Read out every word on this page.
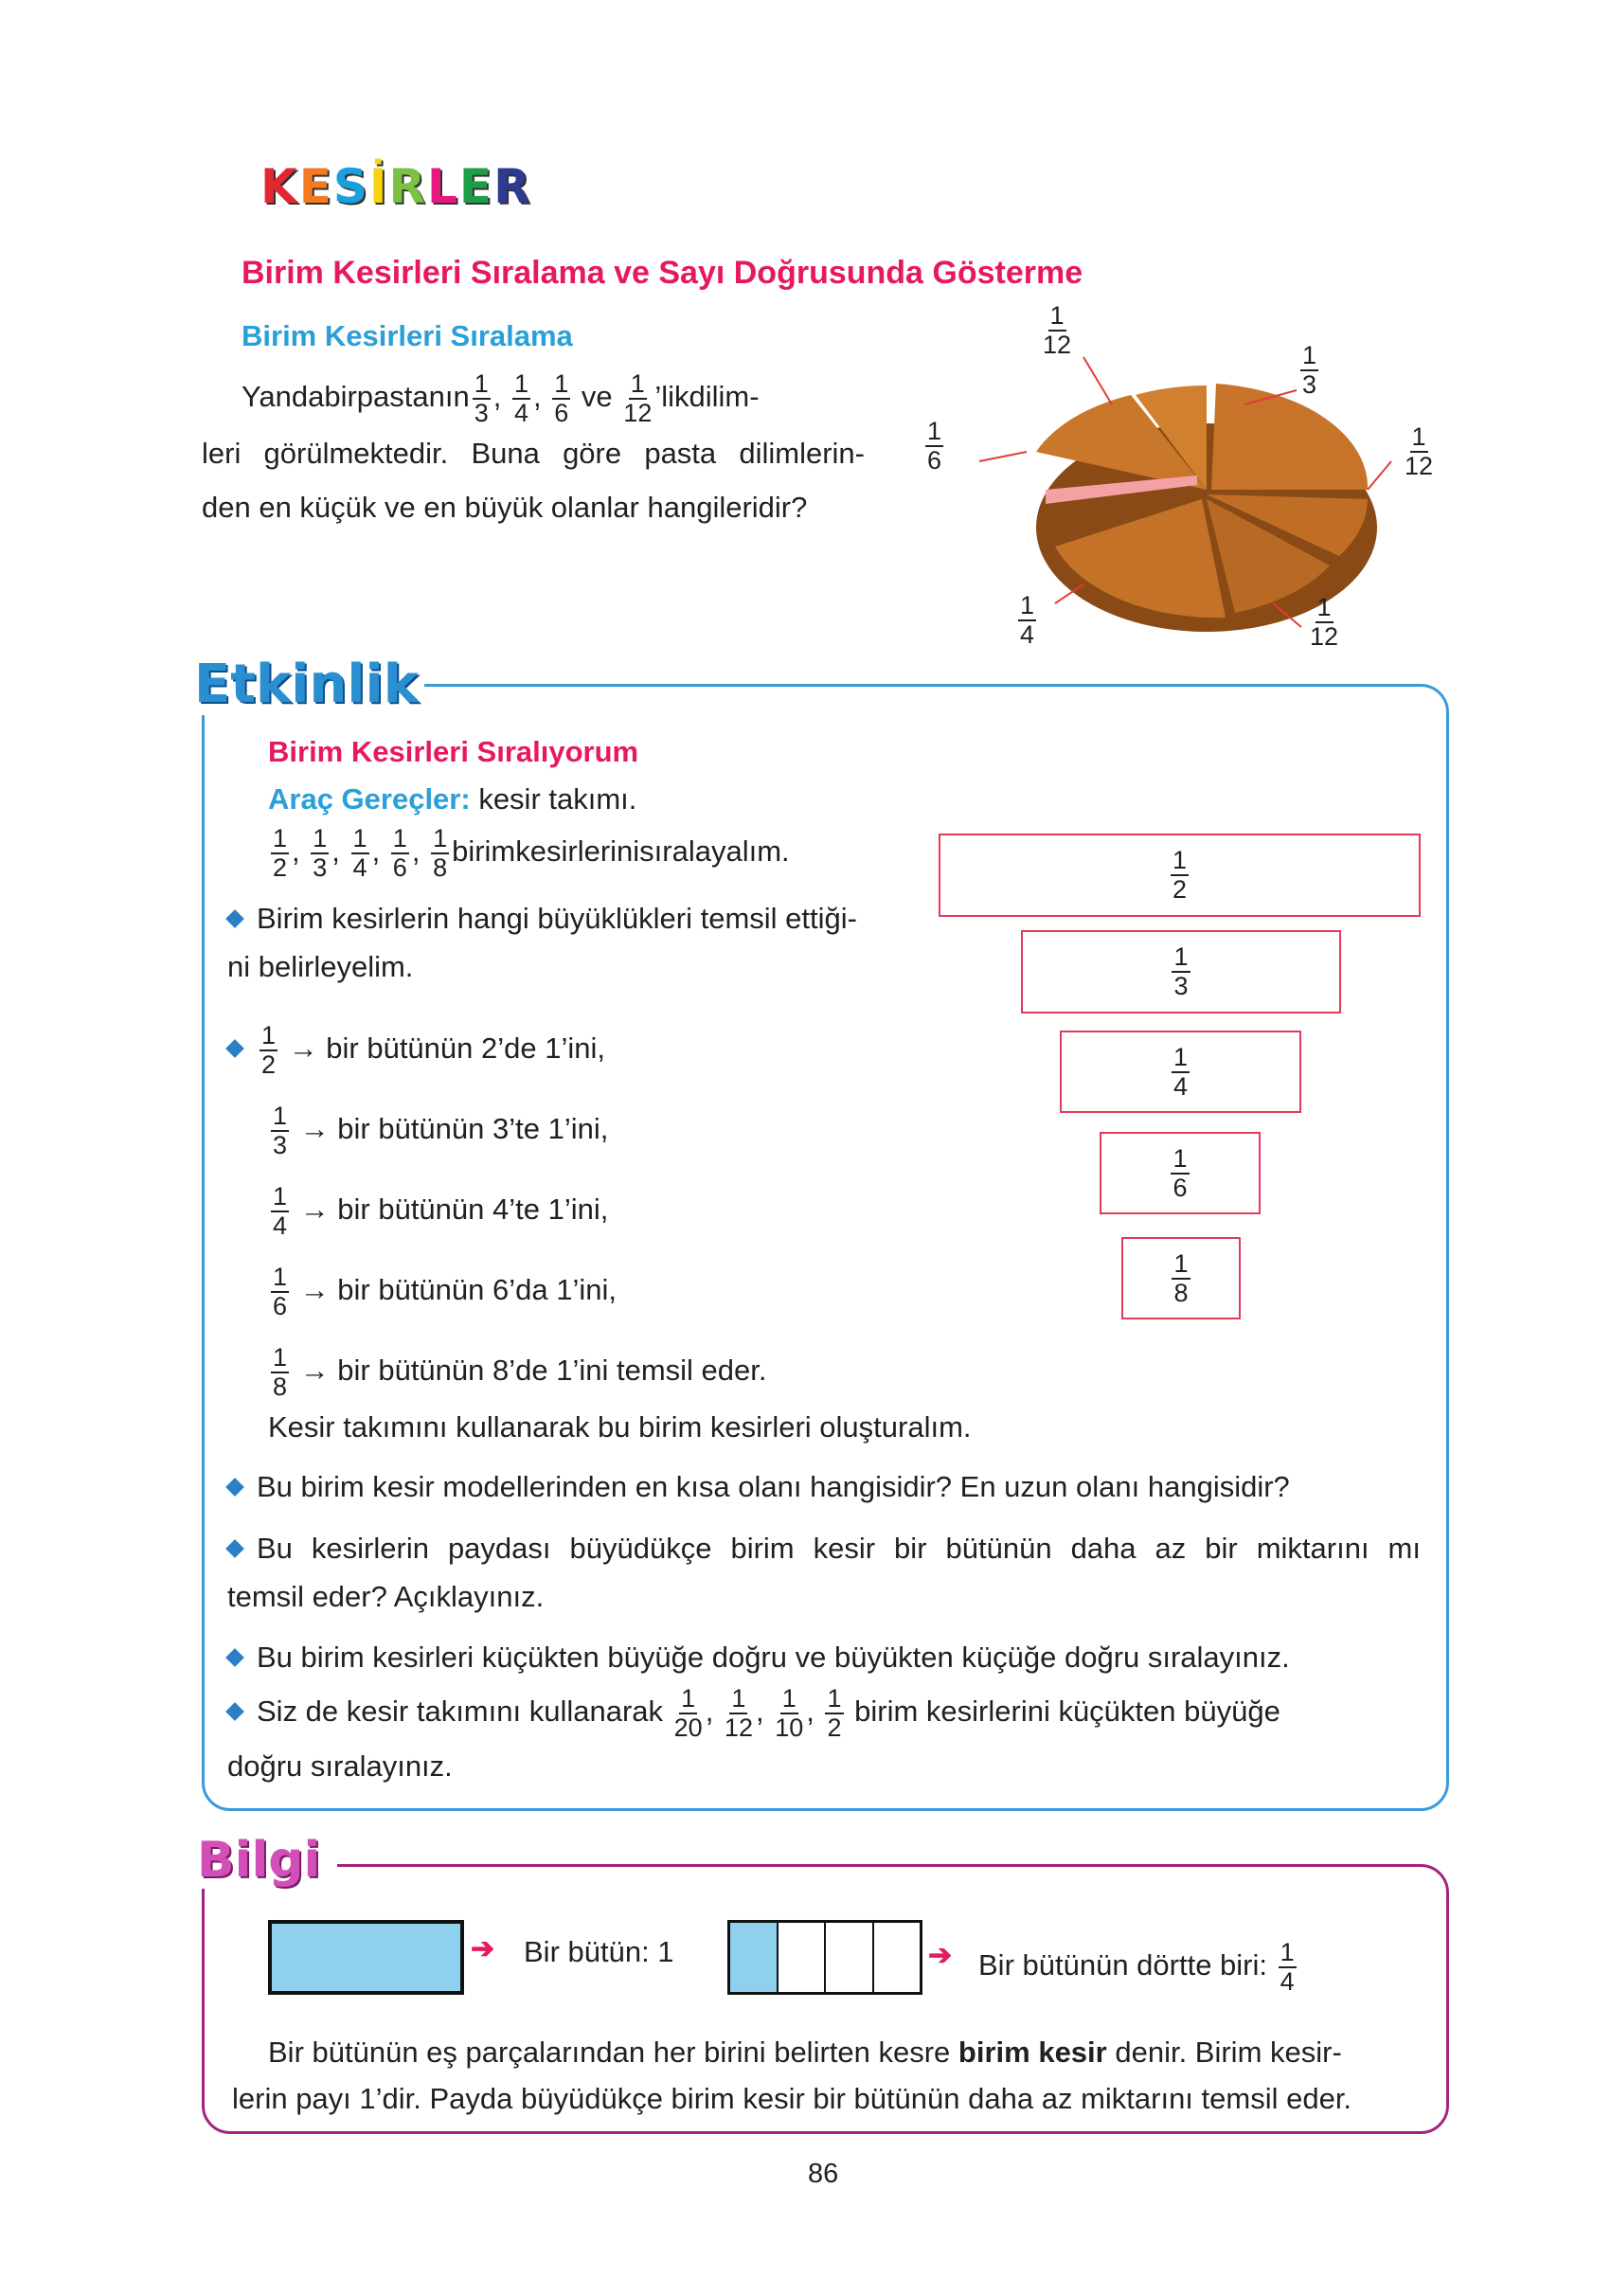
KESİRLER
Birim Kesirleri Sıralama ve Sayı Doğrusunda Gösterme
Birim Kesirleri Sıralama
Yandabirpastanın $\frac{1}{3}$ , $\frac{1}{4}$ , $\frac{1}{6}$ ve $\frac{1}{12}$ ’likdilim-
leri görülmektedir. Buna göre pasta dilimlerin-
den en küçük ve en büyük olanlar hangileridir?
$\frac{1}{12}$
$\frac{1}{3}$
$\frac{1}{6}$	$\frac{1}{12}$
$\frac{1}{4}$	$\frac{1}{12}$
Etkinlik
Birim Kesirleri Sıralıyorum
Araç Gereçler: kesir takımı.
$\frac{1}{2}$ , $\frac{1}{3}$ , $\frac{1}{4}$ , $\frac{1}{6}$ , $\frac{1}{8}$ birimkesirlerinisıralayalım.
Birim kesirlerin hangi büyüklükleri temsil ettiği-
ni belirleyelim.
$\frac{1}{2}$ → bir bütünün 2’de 1’ini,
$\frac{1}{3}$ → bir bütünün 3’te 1’ini,
$\frac{1}{4}$ → bir bütünün 4’te 1’ini,
$\frac{1}{6}$ → bir bütünün 6’da 1’ini,
$\frac{1}{8}$ → bir bütünün 8’de 1’ini temsil eder.
Kesir takımını kullanarak bu birim kesirleri oluşturalım.
Bu birim kesir modellerinden en kısa olanı hangisidir? En uzun olanı hangisidir?
Bu kesirlerin paydası büyüdükçe birim kesir bir bütünün daha az bir miktarını mı
temsil eder? Açıklayınız.
Bu birim kesirleri küçükten büyüğe doğru ve büyükten küçüğe doğru sıralayınız.
Siz de kesir takımını kullanarak $\frac{1}{20}$ , $\frac{1}{12}$ , $\frac{1}{10}$ , $\frac{1}{2}$ birim kesirlerini küçükten büyüğe
doğru sıralayınız.
$\frac{1}{2}$
$\frac{1}{3}$
$\frac{1}{4}$
$\frac{1}{6}$
$\frac{1}{8}$
Bilgi
➔ Bir bütün: 1	➔ Bir bütünün dörtte biri: $\frac{1}{4}$
Bir bütünün eş parçalarından her birini belirten kesre birim kesir denir. Birim kesir-
lerin payı 1’dir. Payda büyüdükçe birim kesir bir bütünün daha az miktarını temsil eder.
86
